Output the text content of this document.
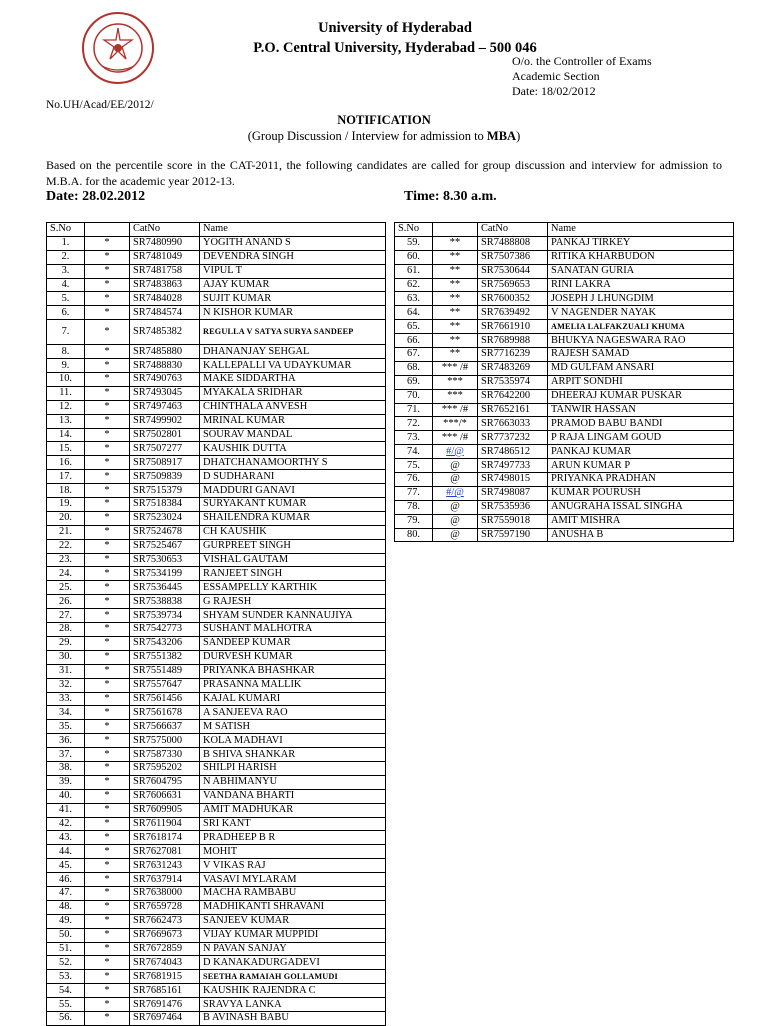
University of Hyderabad
P.O. Central University, Hyderabad – 500 046
O/o. the Controller of Exams
Academic Section
Date: 18/02/2012
No.UH/Acad/EE/2012/
NOTIFICATION
(Group Discussion / Interview for admission to MBA)
Based on the percentile score in the CAT-2011, the following candidates are called for group discussion and interview for admission to M.B.A. for the academic year 2012-13.
Date: 28.02.2012	Time: 8.30 a.m.
S.No		CatNo	Name
1.	*	SR7480990	YOGITH ANAND S
2.	*	SR7481049	DEVENDRA SINGH
3.	*	SR7481758	VIPUL T
4.	*	SR7483863	AJAY KUMAR
5.	*	SR7484028	SUJIT KUMAR
6.	*	SR7484574	N KISHOR KUMAR
7.	*	SR7485382	REGULLA V SATYA SURYA SANDEEP
8.	*	SR7485880	DHANANJAY SEHGAL
9.	*	SR7488830	KALLEPALLI VA UDAYKUMAR
10.	*	SR7490763	MAKE SIDDARTHA
11.	*	SR7493045	MYAKALA SRIDHAR
12.	*	SR7497463	CHINTHALA ANVESH
13.	*	SR7499902	MRINAL KUMAR
14.	*	SR7502801	SOURAV MANDAL
15.	*	SR7507277	KAUSHIK DUTTA
16.	*	SR7508917	DHATCHANAMOORTHY S
17.	*	SR7509839	D SUDHARANI
18.	*	SR7515379	MADDURI GANAVI
19.	*	SR7518384	SURYAKANT KUMAR
20.	*	SR7523024	SHAILENDRA KUMAR
21.	*	SR7524678	CH KAUSHIK
22.	*	SR7525467	GURPREET SINGH
23.	*	SR7530653	VISHAL GAUTAM
24.	*	SR7534199	RANJEET SINGH
25.	*	SR7536445	ESSAMPELLY KARTHIK
26.	*	SR7538838	G RAJESH
27.	*	SR7539734	SHYAM SUNDER KANNAUJIYA
28.	*	SR7542773	SUSHANT MALHOTRA
29.	*	SR7543206	SANDEEP KUMAR
30.	*	SR7551382	DURVESH KUMAR
31.	*	SR7551489	PRIYANKA BHASHKAR
32.	*	SR7557647	PRASANNA MALLIK
33.	*	SR7561456	KAJAL KUMARI
34.	*	SR7561678	A SANJEEVA RAO
35.	*	SR7566637	M SATISH
36.	*	SR7575000	KOLA MADHAVI
37.	*	SR7587330	B SHIVA SHANKAR
38.	*	SR7595202	SHILPI HARISH
39.	*	SR7604795	N ABHIMANYU
40.	*	SR7606631	VANDANA BHARTI
41.	*	SR7609905	AMIT MADHUKAR
42.	*	SR7611904	SRI KANT
43.	*	SR7618174	PRADHEEP B R
44.	*	SR7627081	MOHIT
45.	*	SR7631243	V VIKAS RAJ
46.	*	SR7637914	VASAVI MYLARAM
47.	*	SR7638000	MACHA RAMBABU
48.	*	SR7659728	MADHIKANTI SHRAVANI
49.	*	SR7662473	SANJEEV KUMAR
50.	*	SR7669673	VIJAY KUMAR MUPPIDI
51.	*	SR7672859	N PAVAN SANJAY
52.	*	SR7674043	D KANAKADURGADEVI
53.	*	SR7681915	SEETHA RAMAIAH GOLLAMUDI
54.	*	SR7685161	KAUSHIK RAJENDRA C
55.	*	SR7691476	SRAVYA LANKA
56.	*	SR7697464	B AVINASH BABU
S.No		CatNo	Name
59.	**	SR7488808	PANKAJ TIRKEY
60.	**	SR7507386	RITIKA KHARBUDON
61.	**	SR7530644	SANATAN GURIA
62.	**	SR7569653	RINI LAKRA
63.	**	SR7600352	JOSEPH J LHUNGDIM
64.	**	SR7639492	V NAGENDER NAYAK
65.	**	SR7661910	AMELIA LALFAKZUALI KHUMA
66.	**	SR7689988	BHUKYA NAGESWARA RAO
67.	**	SR7716239	RAJESH SAMAD
68.	*** /#	SR7483269	MD GULFAM ANSARI
69.	***	SR7535974	ARPIT SONDHI
70.	***	SR7642200	DHEERAJ KUMAR PUSKAR
71.	*** /#	SR7652161	TANWIR HASSAN
72.	***/*	SR7663033	PRAMOD BABU BANDI
73.	*** /#	SR7737232	P RAJA LINGAM GOUD
74.	#/@	SR7486512	PANKAJ KUMAR
75.	@	SR7497733	ARUN KUMAR P
76.	@	SR7498015	PRIYANKA PRADHAN
77.	#/@	SR7498087	KUMAR POURUSH
78.	@	SR7535936	ANUGRAHA ISSAL SINGHA
79.	@	SR7559018	AMIT MISHRA
80.	@	SR7597190	ANUSHA B
